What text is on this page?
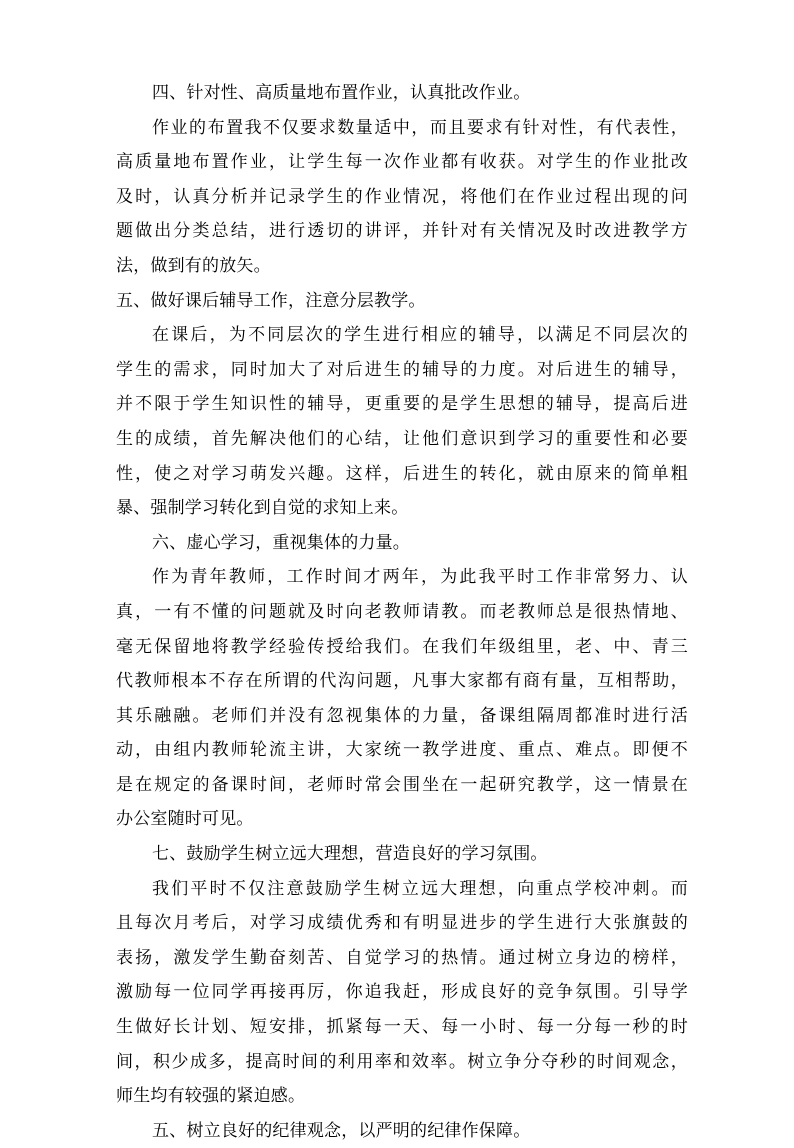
四、针对性、高质量地布置作业，认真批改作业。
作业的布置我不仅要求数量适中，而且要求有针对性，有代表性，
高质量地布置作业，让学生每一次作业都有收获。对学生的作业批改
及时，认真分析并记录学生的作业情况，将他们在作业过程出现的问
题做出分类总结，进行透切的讲评，并针对有关情况及时改进教学方
法，做到有的放矢。
五、做好课后辅导工作，注意分层教学。
在课后，为不同层次的学生进行相应的辅导，以满足不同层次的
学生的需求，同时加大了对后进生的辅导的力度。对后进生的辅导，
并不限于学生知识性的辅导，更重要的是学生思想的辅导，提高后进
生的成绩，首先解决他们的心结，让他们意识到学习的重要性和必要
性，使之对学习萌发兴趣。这样，后进生的转化，就由原来的简单粗
暴、强制学习转化到自觉的求知上来。
六、虚心学习，重视集体的力量。
作为青年教师，工作时间才两年，为此我平时工作非常努力、认
真，一有不懂的问题就及时向老教师请教。而老教师总是很热情地、
毫无保留地将教学经验传授给我们。在我们年级组里，老、中、青三
代教师根本不存在所谓的代沟问题，凡事大家都有商有量，互相帮助，
其乐融融。老师们并没有忽视集体的力量，备课组隔周都准时进行活
动，由组内教师轮流主讲，大家统一教学进度、重点、难点。即便不
是在规定的备课时间，老师时常会围坐在一起研究教学，这一情景在
办公室随时可见。
七、鼓励学生树立远大理想，营造良好的学习氛围。
我们平时不仅注意鼓励学生树立远大理想，向重点学校冲刺。而
且每次月考后，对学习成绩优秀和有明显进步的学生进行大张旗鼓的
表扬，激发学生勤奋刻苦、自觉学习的热情。通过树立身边的榜样，
激励每一位同学再接再厉，你追我赶，形成良好的竞争氛围。引导学
生做好长计划、短安排，抓紧每一天、每一小时、每一分每一秒的时
间，积少成多，提高时间的利用率和效率。树立争分夺秒的时间观念，
师生均有较强的紧迫感。
五、树立良好的纪律观念，以严明的纪律作保障。
